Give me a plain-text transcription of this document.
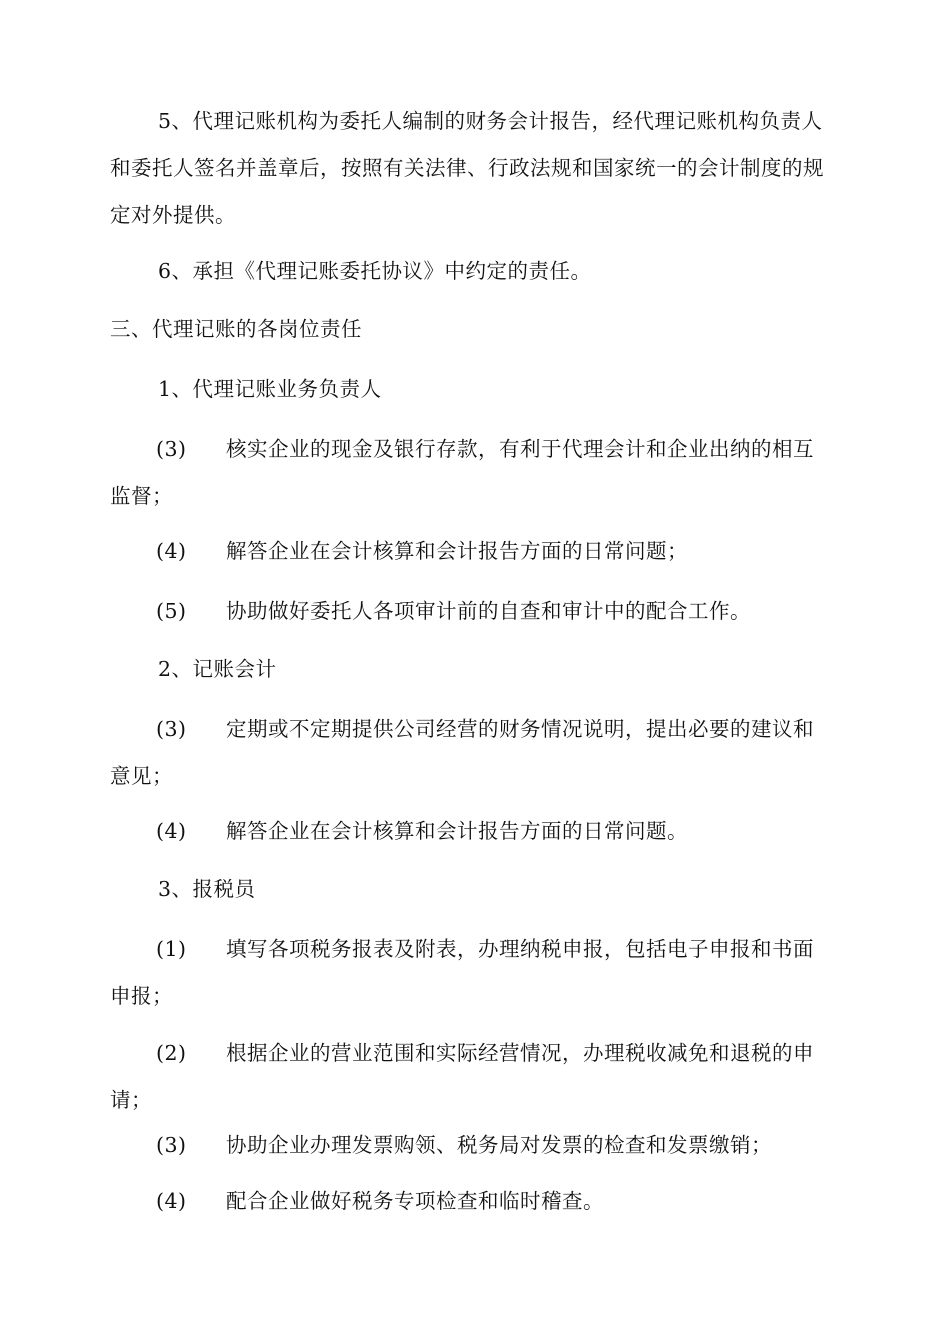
5、代理记账机构为委托人编制的财务会计报告，经代理记账机构负责人和委托人签名并盖章后，按照有关法律、行政法规和国家统一的会计制度的规定对外提供。

6、承担《代理记账委托协议》中约定的责任。

三、代理记账的各岗位责任

1、代理记账业务负责人

(3)	核实企业的现金及银行存款，有利于代理会计和企业出纳的相互监督；
(4)	解答企业在会计核算和会计报告方面的日常问题；
(5)	协助做好委托人各项审计前的自查和审计中的配合工作。

2、记账会计

(3)	定期或不定期提供公司经营的财务情况说明，提出必要的建议和意见；
(4)	解答企业在会计核算和会计报告方面的日常问题。

3、报税员

(1)	填写各项税务报表及附表，办理纳税申报，包括电子申报和书面申报；
(2)	根据企业的营业范围和实际经营情况，办理税收减免和退税的申请；
(3)	协助企业办理发票购领、税务局对发票的检查和发票缴销；
(4)	配合企业做好税务专项检查和临时稽查。
